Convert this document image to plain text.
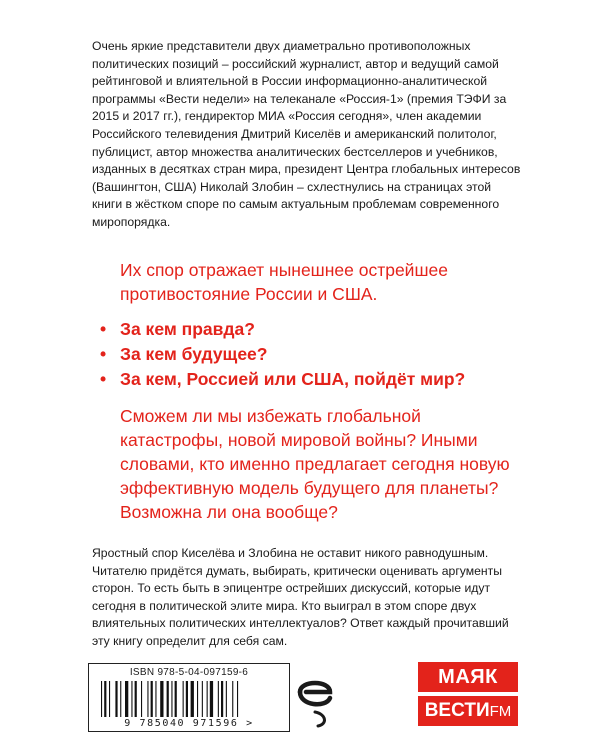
Очень яркие представители двух диаметрально противоположных политических позиций – российский журналист, автор и ведущий самой рейтинговой и влиятельной в России информационно-аналитической программы «Вести недели» на телеканале «Россия-1» (премия ТЭФИ за 2015 и 2017 гг.), гендиректор МИА «Россия сегодня», член академии Российского телевидения Дмитрий Киселёв и американский политолог, публицист, автор множества аналитических бестселлеров и учебников, изданных в десятках стран мира, президент Центра глобальных интересов (Вашингтон, США) Николай Злобин – схлестнулись на страницах этой книги в жёстком споре по самым актуальным проблемам современного миропорядка.

Их спор отражает нынешнее острейшее противостояние России и США.

• За кем правда?
• За кем будущее?
• За кем, Россией или США, пойдёт мир?

Сможем ли мы избежать глобальной катастрофы, новой мировой войны? Иными словами, кто именно предлагает сегодня новую эффективную модель будущего для планеты? Возможна ли она вообще?

Яростный спор Киселёва и Злобина не оставит никого равнодушным. Читателю придётся думать, выбирать, критически оценивать аргументы сторон. То есть быть в эпицентре острейших дискуссий, которые идут сегодня в политической элите мира. Кто выиграл в этом споре двух влиятельных политических интеллектуалов? Ответ каждый прочитавший эту книгу определит для себя сам.

ISBN 978-5-04-097159-6
9 785040 971596 >
МАЯК
ВЕСТИFM
